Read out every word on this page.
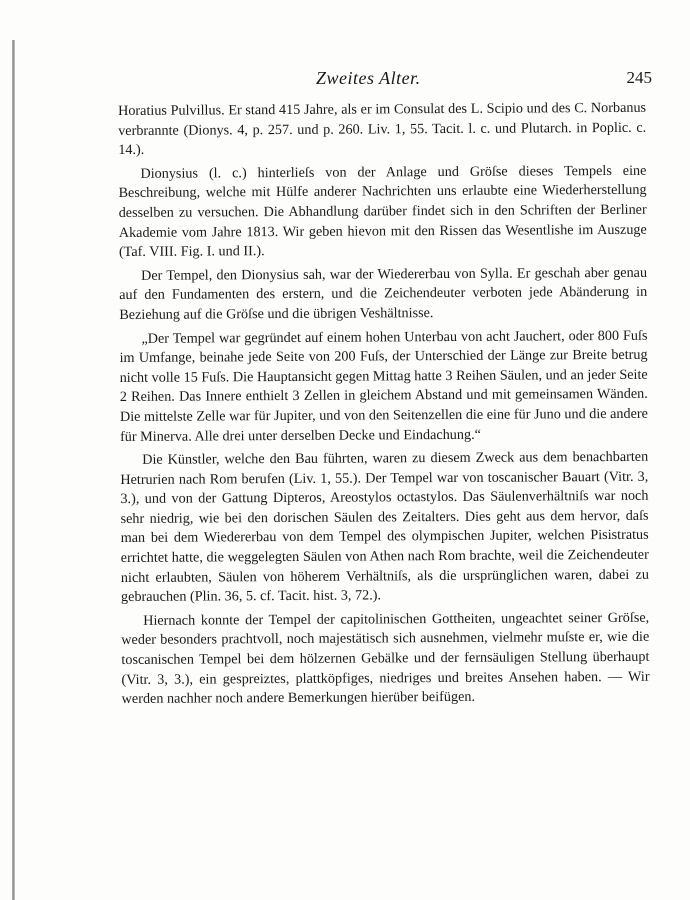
Zweites Alter.	245

Horatius Pulvillus. Er stand 415 Jahre, als er im Consulat des L. Scipio und des C. Norbanus verbrannte (Dionys. 4, p. 257. und p. 260. Liv. 1, 55. Tacit. l. c. und Plutarch. in Poplic. c. 14.).

Dionysius (l. c.) hinterlieſs von der Anlage und Gröſse dieses Tempels eine Beschreibung, welche mit Hülfe anderer Nachrichten uns erlaubte eine Wiederherstellung desselben zu versuchen. Die Abhandlung darüber findet sich in den Schriften der Berliner Akademie vom Jahre 1813. Wir geben hievon mit den Rissen das Wesentlishe im Auszuge (Taf. VIII. Fig. I. und II.).

Der Tempel, den Dionysius sah, war der Wiedererbau von Sylla. Er geschah aber genau auf den Fundamenten des erstern, und die Zeichendeuter verboten jede Abänderung in Beziehung auf die Gröſse und die übrigen Veshältnisse.

„Der Tempel war gegründet auf einem hohen Unterbau von acht Jauchert, oder 800 Fuſs im Umfange, beinahe jede Seite von 200 Fuſs, der Unterschied der Länge zur Breite betrug nicht volle 15 Fuſs. Die Hauptansicht gegen Mittag hatte 3 Reihen Säulen, und an jeder Seite 2 Reihen. Das Innere enthielt 3 Zellen in gleichem Abstand und mit gemeinsamen Wänden. Die mittelste Zelle war für Jupiter, und von den Seitenzellen die eine für Juno und die andere für Minerva. Alle drei unter derselben Decke und Eindachung.“

Die Künstler, welche den Bau führten, waren zu diesem Zweck aus dem benachbarten Hetrurien nach Rom berufen (Liv. 1, 55.). Der Tempel war von toscanischer Bauart (Vitr. 3, 3.), und von der Gattung Dipteros, Areostylos octastylos. Das Säulenverhältniſs war noch sehr niedrig, wie bei den dorischen Säulen des Zeitalters. Dies geht aus dem hervor, daſs man bei dem Wiedererbau von dem Tempel des olympischen Jupiter, welchen Pisistratus errichtet hatte, die weggelegten Säulen von Athen nach Rom brachte, weil die Zeichendeuter nicht erlaubten, Säulen von höherem Verhältniſs, als die ursprünglichen waren, dabei zu gebrauchen (Plin. 36, 5. cf. Tacit. hist. 3, 72.).

Hiernach konnte der Tempel der capitolinischen Gottheiten, ungeachtet seiner Gröſse, weder besonders prachtvoll, noch majestätisch sich ausnehmen, vielmehr muſste er, wie die toscanischen Tempel bei dem hölzernen Gebälke und der fernsäuligen Stellung überhaupt (Vitr. 3, 3.), ein gespreiztes, plattköpfiges, niedriges und breites Ansehen haben. — Wir werden nachher noch andere Bemerkungen hierüber beifügen.
